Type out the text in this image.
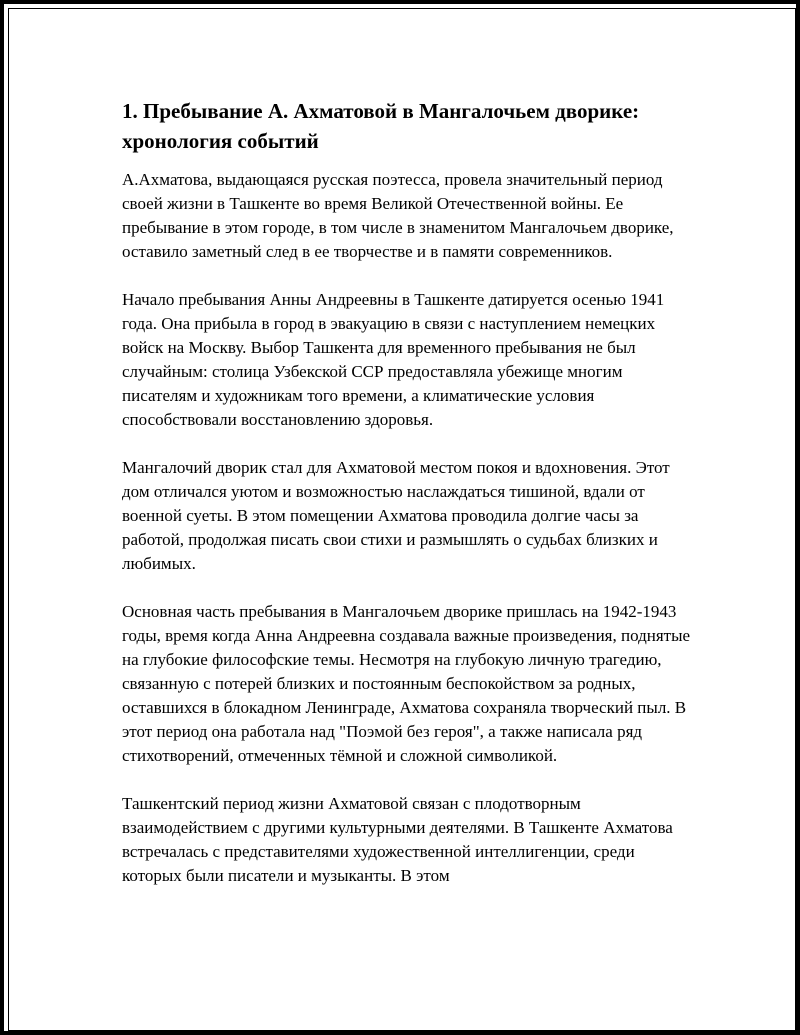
1. Пребывание А. Ахматовой в Мангалочьем дворике: хронология событий

А.Ахматова, выдающаяся русская поэтесса, провела значительный период своей жизни в Ташкенте во время Великой Отечественной войны. Ее пребывание в этом городе, в том числе в знаменитом Мангалочьем дворике, оставило заметный след в ее творчестве и в памяти современников.

Начало пребывания Анны Андреевны в Ташкенте датируется осенью 1941 года. Она прибыла в город в эвакуацию в связи с наступлением немецких войск на Москву. Выбор Ташкента для временного пребывания не был случайным: столица Узбекской ССР предоставляла убежище многим писателям и художникам того времени, а климатические условия способствовали восстановлению здоровья.

Мангалочий дворик стал для Ахматовой местом покоя и вдохновения. Этот дом отличался уютом и возможностью наслаждаться тишиной, вдали от военной суеты. В этом помещении Ахматова проводила долгие часы за работой, продолжая писать свои стихи и размышлять о судьбах близких и любимых.

Основная часть пребывания в Мангалочьем дворике пришлась на 1942-1943 годы, время когда Анна Андреевна создавала важные произведения, поднятые на глубокие философские темы. Несмотря на глубокую личную трагедию, связанную с потерей близких и постоянным беспокойством за родных, оставшихся в блокадном Ленинграде, Ахматова сохраняла творческий пыл. В этот период она работала над "Поэмой без героя", а также написала ряд стихотворений, отмеченных тёмной и сложной символикой.

Ташкентский период жизни Ахматовой связан с плодотворным взаимодействием с другими культурными деятелями. В Ташкенте Ахматова встречалась с представителями художественной интеллигенции, среди которых были писатели и музыканты. В этом
